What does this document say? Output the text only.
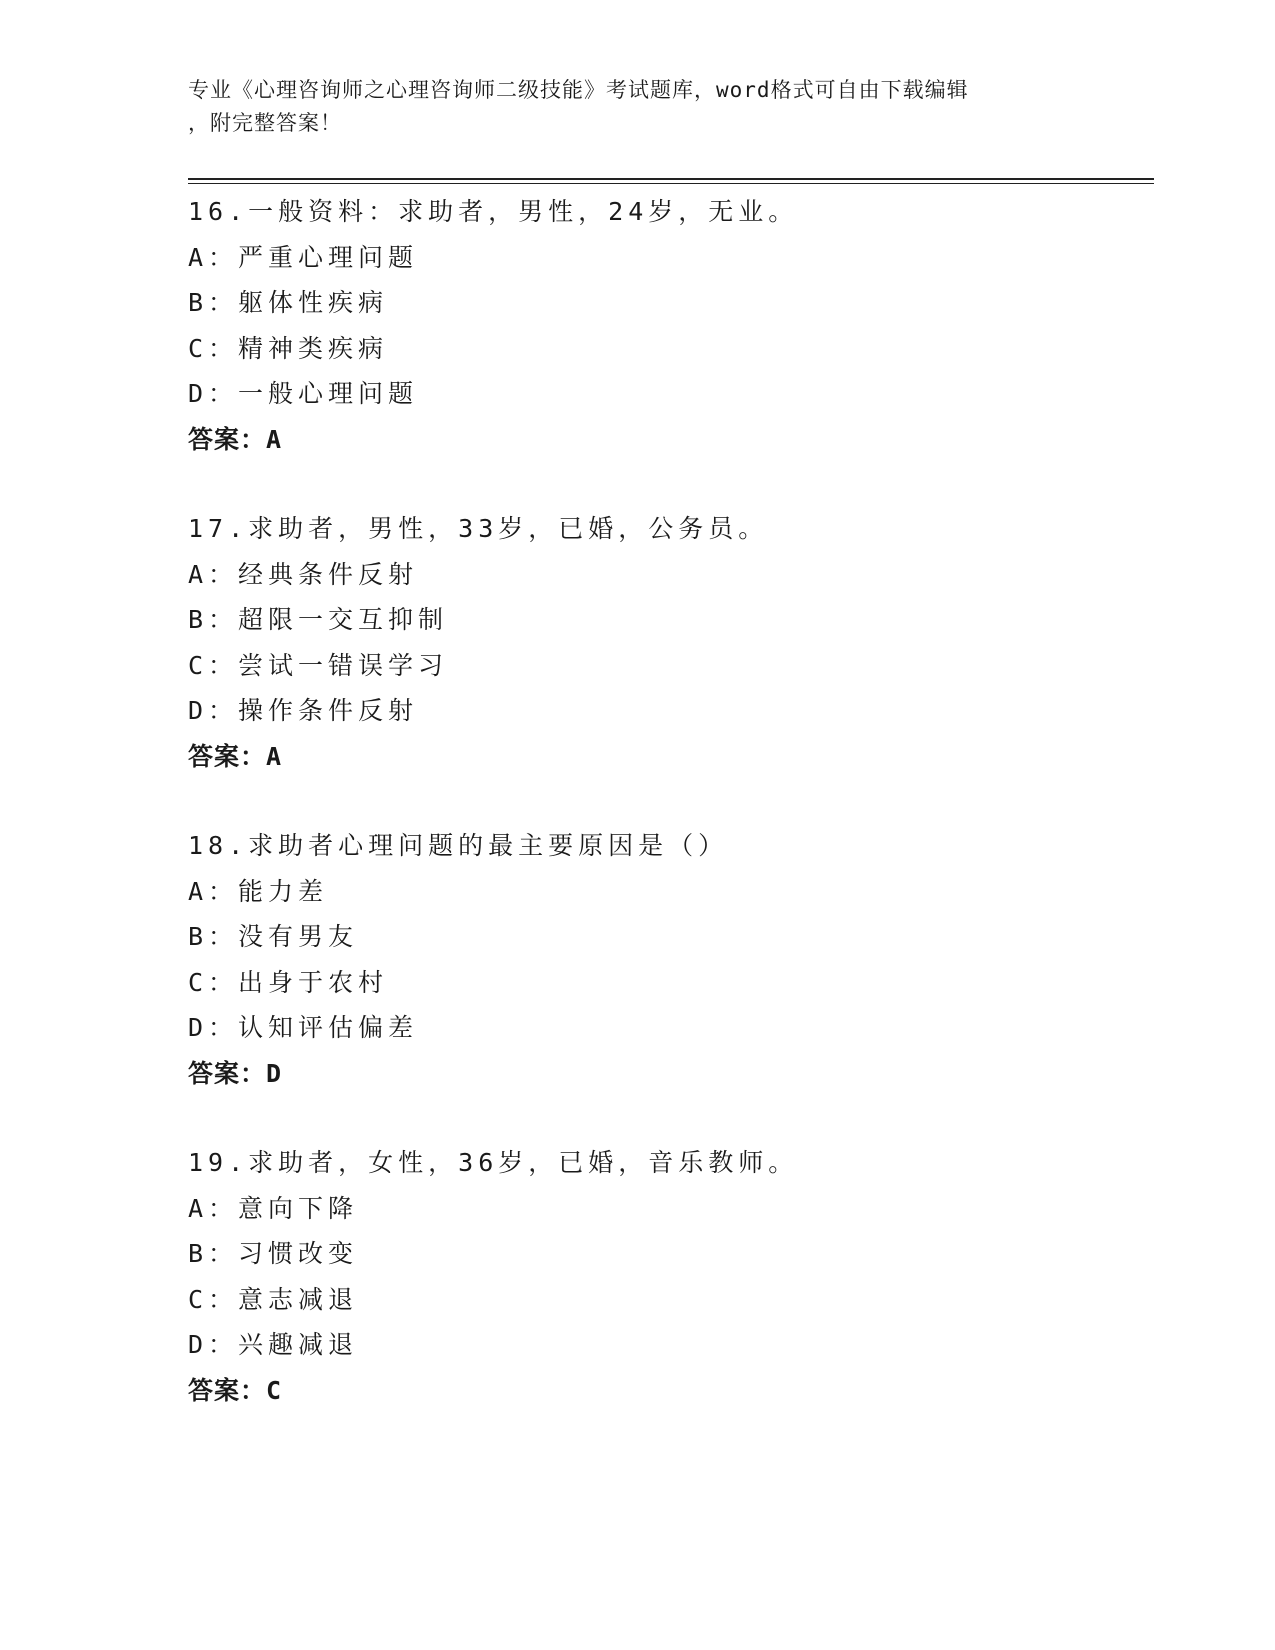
专业《心理咨询师之心理咨询师二级技能》考试题库，word格式可自由下载编辑
，附完整答案！
16.一般资料：求助者，男性，24岁，无业。
A：严重心理问题
B：躯体性疾病
C：精神类疾病
D：一般心理问题
答案：A
17.求助者，男性，33岁，已婚，公务员。
A：经典条件反射
B：超限一交互抑制
C：尝试一错误学习
D：操作条件反射
答案：A
18.求助者心理问题的最主要原因是（）
A：能力差
B：没有男友
C：出身于农村
D：认知评估偏差
答案：D
19.求助者，女性，36岁，已婚，音乐教师。
A：意向下降
B：习惯改变
C：意志减退
D：兴趣减退
答案：C
